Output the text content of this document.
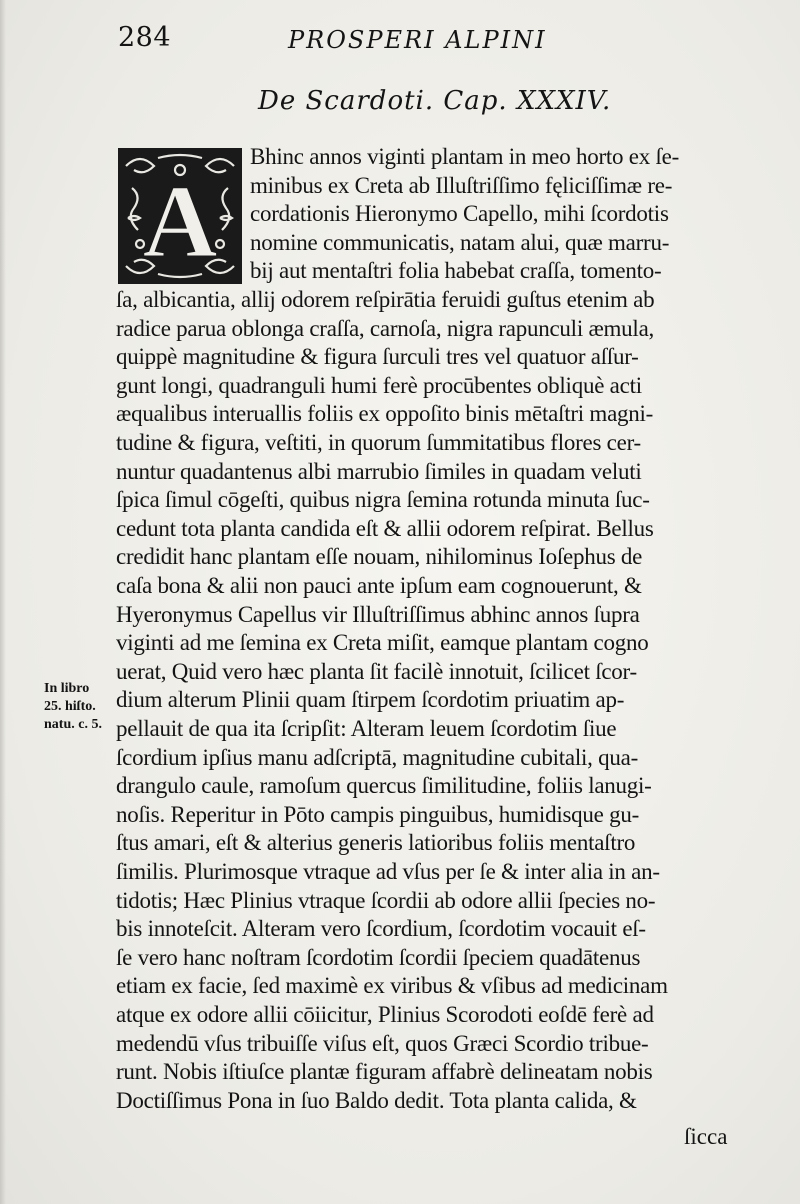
284	PROSPERI ALPINI
De Scardoti. Cap. XXXIV.
A
Bhinc annos viginti plantam in meo horto ex ſe-
minibus ex Creta ab Illuſtriſſimo fęliciſſimæ re-
cordationis Hieronymo Capello, mihi ſcordotis
nomine communicatis, natam alui, quæ marru-
bij aut mentaſtri folia habebat craſſa, tomento-
ſa, albicantia, allij odorem reſpirātia feruidi guſtus etenim ab
radice parua oblonga craſſa, carnoſa, nigra rapunculi æmula,
quippè magnitudine & figura ſurculi tres vel quatuor aſſur-
gunt longi, quadranguli humi ferè procūbentes obliquè acti
æqualibus interuallis foliis ex oppoſito binis mētaſtri magni-
tudine & figura, veſtiti, in quorum ſummitatibus flores cer-
nuntur quadantenus albi marrubio ſimiles in quadam veluti
ſpica ſimul cōgeſti, quibus nigra ſemina rotunda minuta ſuc-
cedunt tota planta candida eſt & allii odorem reſpirat. Bellus
credidit hanc plantam eſſe nouam, nihilominus Ioſephus de
caſa bona & alii non pauci ante ipſum eam cognouerunt, &
Hyeronymus Capellus vir Illuſtriſſimus abhinc annos ſupra
viginti ad me ſemina ex Creta miſit, eamque plantam cogno
uerat, Quid vero hæc planta ſit facilè innotuit, ſcilicet ſcor-
dium alterum Plinii quam ſtirpem ſcordotim priuatim ap-
pellauit de qua ita ſcripſit: Alteram leuem ſcordotim ſiue
ſcordium ipſius manu adſcriptā, magnitudine cubitali, qua-
drangulo caule, ramoſum quercus ſimilitudine, foliis lanugi-
noſis. Reperitur in Pōto campis pinguibus, humidisque gu-
ſtus amari, eſt & alterius generis latioribus foliis mentaſtro
ſimilis. Plurimosque vtraque ad vſus per ſe & inter alia in an-
tidotis; Hæc Plinius vtraque ſcordii ab odore allii ſpecies no-
bis innoteſcit. Alteram vero ſcordium, ſcordotim vocauit eſ-
ſe vero hanc noſtram ſcordotim ſcordii ſpeciem quadātenus
etiam ex facie, ſed maximè ex viribus & vſibus ad medicinam
atque ex odore allii cōiicitur, Plinius Scorodoti eoſdē ferè ad
medendū vſus tribuiſſe viſus eſt, quos Græci Scordio tribue-
runt. Nobis iſtiuſce plantæ figuram affabrè delineatam nobis
Doctiſſimus Pona in ſuo Baldo dedit. Tota planta calida, &
In libro
25. hiſto.
natu. c. 5.
ſicca
